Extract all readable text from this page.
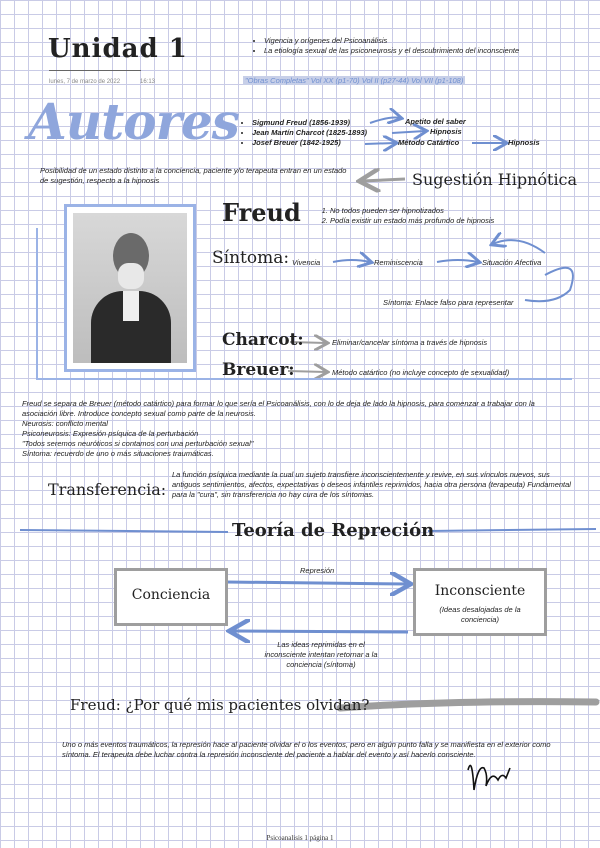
Unidad 1
lunes, 7 de marzo de 2022	16:13
• Vigencia y orígenes del Psicoanálisis
• La etiología sexual de las psiconeurosis y el descubrimiento del inconsciente
"Obras Completas" Vol XX (p1-70) Vol II (p27-44) Vol VII (p1-108)
Autores • Sigmund Freud (1856-1939)
• Jean Martín Charcot (1825-1893)
• Josef Breuer (1842-1925)
Apetito del saber
Hipnosis
Método Catártico	Hipnosis
Posibilidad de un estado distinto a la conciencia, paciente y/o terapeuta entran en un estado de sugestión, respecto a la hipnosis	Sugestión Hipnótica
Freud	1. No todos pueden ser hipnotizados
2. Podía existir un estado más profundo de hipnosis
Síntoma: Vivencia	Reminiscencia	Situación Afectiva
Síntoma: Enlace falso para representar
Charcot:	Eliminar/cancelar síntoma a través de hipnosis
Breuer:	Método catártico (no incluye concepto de sexualidad)
Freud se separa de Breuer (método catártico) para formar lo que sería el Psicoanálisis, con lo de deja de lado la hipnosis, para comenzar a trabajar con la asociación libre. Introduce concepto sexual como parte de la neurosis.
Neurosis: conflicto mental
Psiconeurosis: Expresión psíquica de la perturbación
"Todos seremos neuróticos si contamos con una perturbación sexual"
Síntoma: recuerdo de uno o más situaciones traumáticas.
Transferencia:
La función psíquica mediante la cual un sujeto transfiere inconscientemente y revive, en sus vínculos nuevos, sus antiguos sentimientos, afectos, expectativas o deseos infantiles reprimidos, hacia otra persona (terapeuta) Fundamental para la "cura", sin transferencia no hay cura de los síntomas.
Teoría de Repreción
Conciencia	Inconsciente
(Ideas desalojadas de la conciencia)
Represión
Las ideas reprimidas en el inconsciente intentan retornar a la conciencia (síntoma)
Freud: ¿Por qué mis pacientes olvidan?
Uno o más eventos traumáticos, la represión hace al paciente olvidar el o los eventos, pero en algún punto falla y se manifiesta en el exterior como síntoma. El terapeuta debe luchar contra la represión inconsciente del paciente a hablar del evento y así hacerlo consciente.
Psicoanalisis 1 página 1
